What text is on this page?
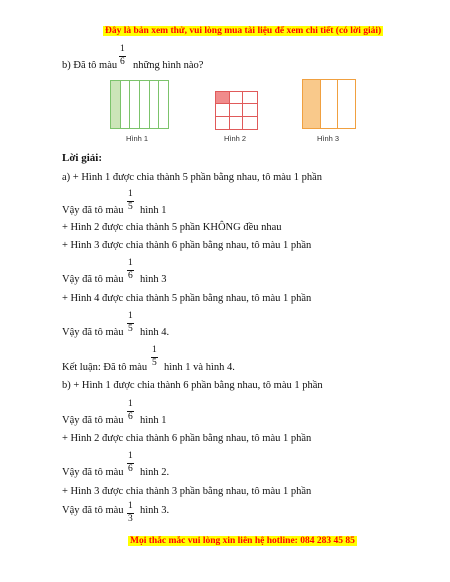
Đây là bản xem thử, vui lòng mua tài liệu để xem chi tiết (có lời giải)
b) Đã tô màu
1
6 những hình nào?
Hình 1	Hình 2	Hình 3
Lời giải:
a) + Hình 1 được chia thành 5 phần bằng nhau, tô màu 1 phần
Vậy đã tô màu
1
5 hình 1
+ Hình 2 được chia thành 5 phần KHÔNG đều nhau
+ Hình 3 được chia thành 6 phần bằng nhau, tô màu 1 phần
Vậy đã tô màu
1
6 hình 3
+ Hình 4 được chia thành 5 phần bằng nhau, tô màu 1 phần
Vậy đã tô màu
1
5 hình 4.
Kết luận: Đã tô màu
1
5 hình 1 và hình 4.
b) + Hình 1 được chia thành 6 phần bằng nhau, tô màu 1 phần
Vậy đã tô màu
1
6 hình 1
+ Hình 2 được chia thành 6 phần bằng nhau, tô màu 1 phần
Vậy đã tô màu
1
6 hình 2.
+ Hình 3 được chia thành 3 phần bằng nhau, tô màu 1 phần
Vậy đã tô màu 1
3
hình 3.
Mọi thắc mắc vui lòng xin liên hệ hotline: 084 283 45 85
